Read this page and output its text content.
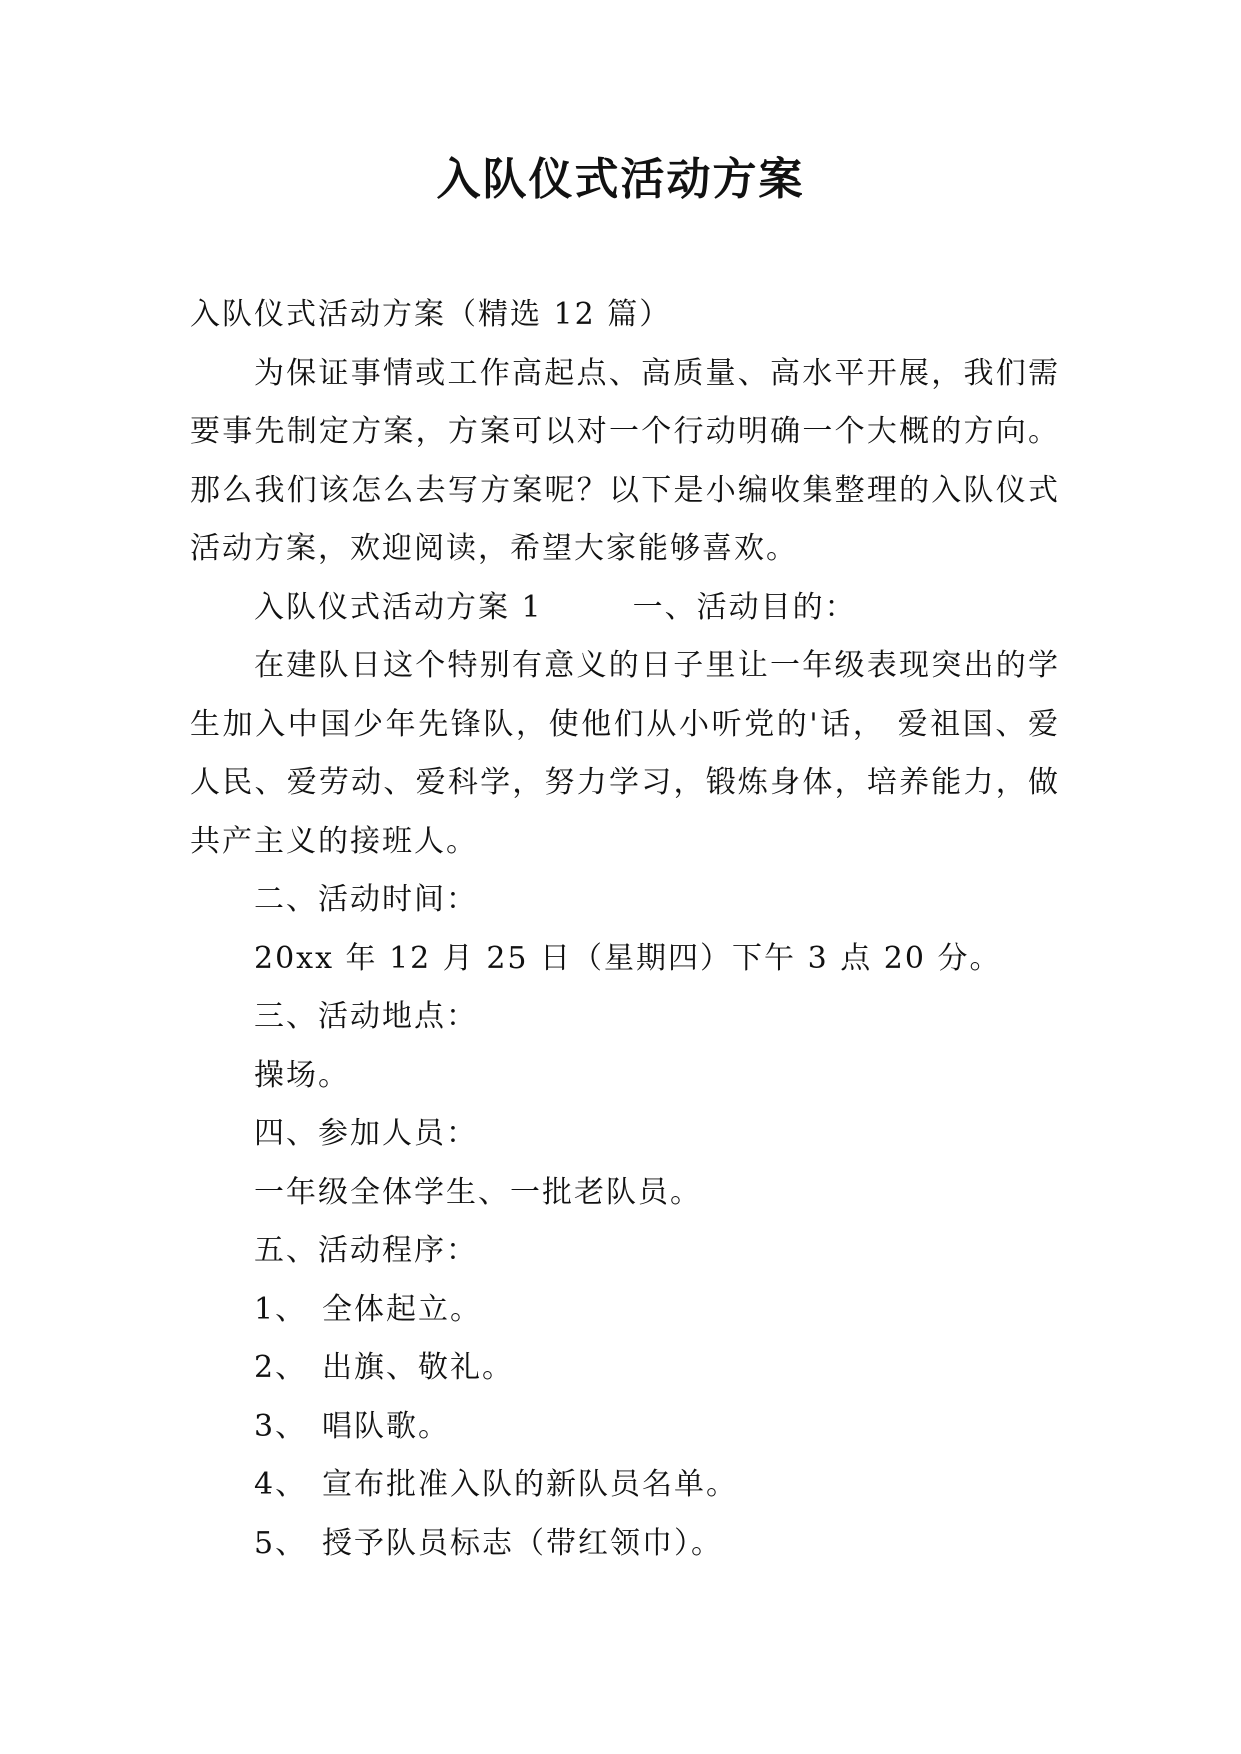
入队仪式活动方案

入队仪式活动方案（精选 12 篇）

为保证事情或工作高起点、高质量、高水平开展，我们需要事先制定方案，方案可以对一个行动明确一个大概的方向。那么我们该怎么去写方案呢？以下是小编收集整理的入队仪式活动方案，欢迎阅读，希望大家能够喜欢。

入队仪式活动方案 1	一、活动目的：

在建队日这个特别有意义的日子里让一年级表现突出的学生加入中国少年先锋队，使他们从小听党的'话， 爱祖国、爱人民、爱劳动、爱科学，努力学习，锻炼身体，培养能力，做共产主义的接班人。

二、活动时间：

20xx 年 12 月 25 日（星期四）下午 3 点 20 分。

三、活动地点：

操场。

四、参加人员：

一年级全体学生、一批老队员。

五、活动程序：

1、 全体起立。

2、 出旗、敬礼。

3、 唱队歌。

4、 宣布批准入队的新队员名单。

5、 授予队员标志（带红领巾）。
